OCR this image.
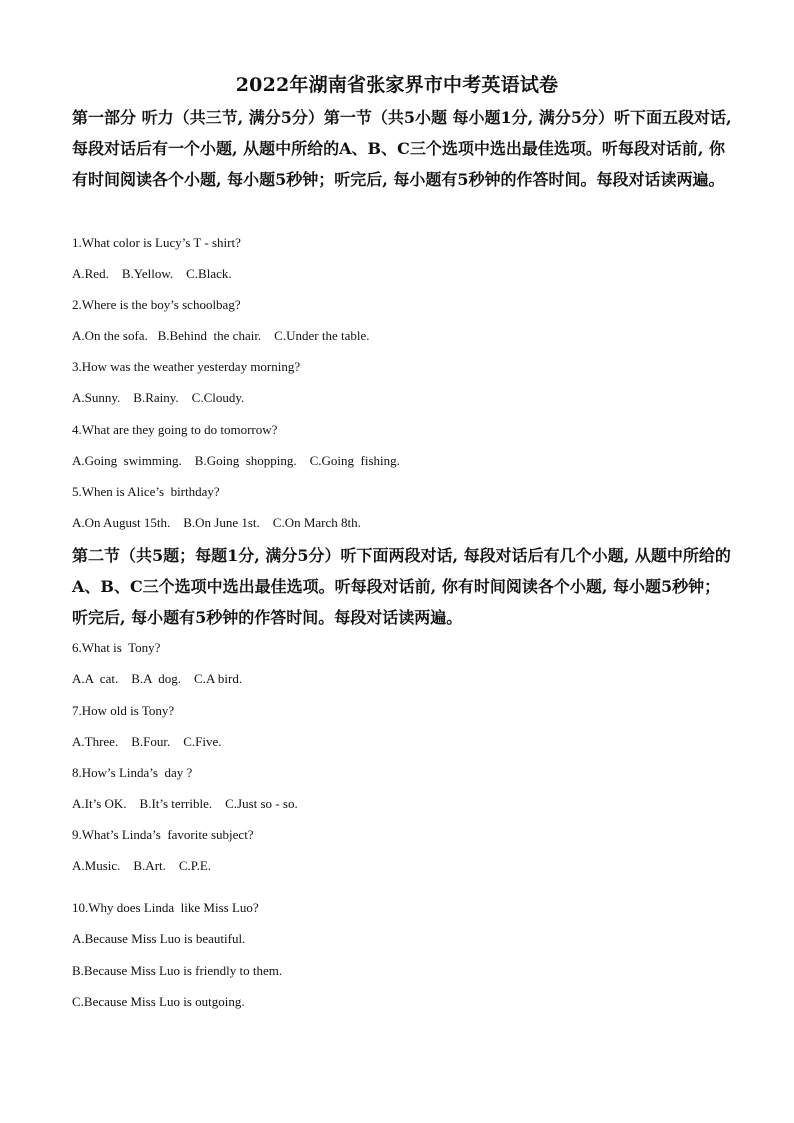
2022年湖南省张家界市中考英语试卷

第一部分 听力（共三节, 满分5分）第一节（共5小题 每小题1分, 满分5分）听下面五段对话, 每段对话后有一个小题, 从题中所给的A、B、C三个选项中选出最佳选项。听每段对话前, 你有时间阅读各个小题, 每小题5秒钟；听完后, 每小题有5秒钟的作答时间。每段对话读两遍。

1.What color is Lucy’s T - shirt?
A.Red.    B.Yellow.    C.Black.
2.Where is the boy’s schoolbag?
A.On the sofa.   B.Behind  the chair.    C.Under the table.
3.How was the weather yesterday morning?
A.Sunny.    B.Rainy.    C.Cloudy.
4.What are they going to do tomorrow?
A.Going  swimming.    B.Going  shopping.    C.Going  fishing.
5.When is Alice’s  birthday?
A.On August 15th.    B.On June 1st.    C.On March 8th.

第二节（共5题；每题1分, 满分5分）听下面两段对话, 每段对话后有几个小题, 从题中所给的A、B、C三个选项中选出最佳选项。听每段对话前, 你有时间阅读各个小题, 每小题5秒钟；听完后, 每小题有5秒钟的作答时间。每段对话读两遍。

6.What is  Tony?
A.A  cat.    B.A  dog.    C.A bird.
7.How old is Tony?
A.Three.    B.Four.    C.Five.
8.How’s Linda’s  day ?
A.It’s OK.    B.It’s terrible.    C.Just so - so.
9.What’s Linda’s  favorite subject?
A.Music.    B.Art.    C.P.E.
10.Why does Linda  like Miss Luo?
A.Because Miss Luo is beautiful.
B.Because Miss Luo is friendly to them.
C.Because Miss Luo is outgoing.
